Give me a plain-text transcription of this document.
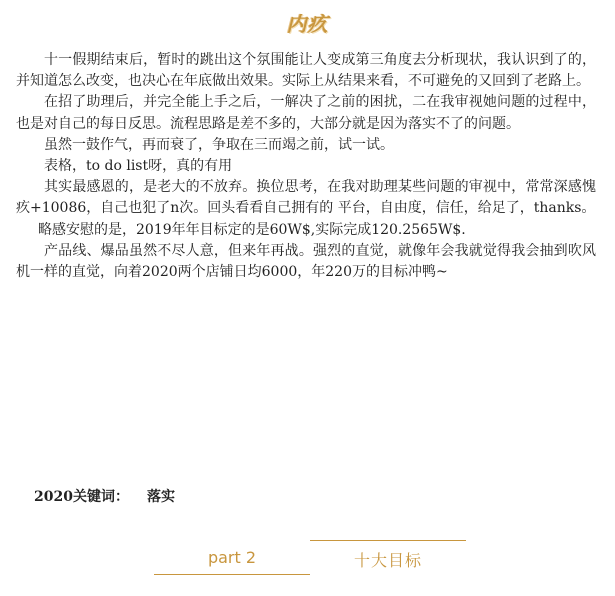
内疚

十一假期结束后，暂时的跳出这个氛围能让人变成第三角度去分析现状，我认识到了的，并知道怎么改变，也决心在年底做出效果。实际上从结果来看，不可避免的又回到了老路上。

在招了助理后，并完全能上手之后，一解决了之前的困扰，二在我审视她问题的过程中，也是对自己的每日反思。流程思路是差不多的，大部分就是因为落实不了的问题。

虽然一鼓作气，再而衰了，争取在三而竭之前，试一试。

表格，to do list呀，真的有用

其实最感恩的，是老大的不放弃。换位思考，在我对助理某些问题的审视中，常常深感愧疚+10086，自己也犯了n次。回头看看自己拥有的 平台，自由度，信任，给足了，thanks。

略感安慰的是，2019年年目标定的是60W$,实际完成120.2565W$.

产品线、爆品虽然不尽人意，但来年再战。强烈的直觉，就像年会我就觉得我会抽到吹风机一样的直觉，向着2020两个店铺日均6000，年220万的目标冲鸭~

2020关键词： 落实
part 2	十大目标
